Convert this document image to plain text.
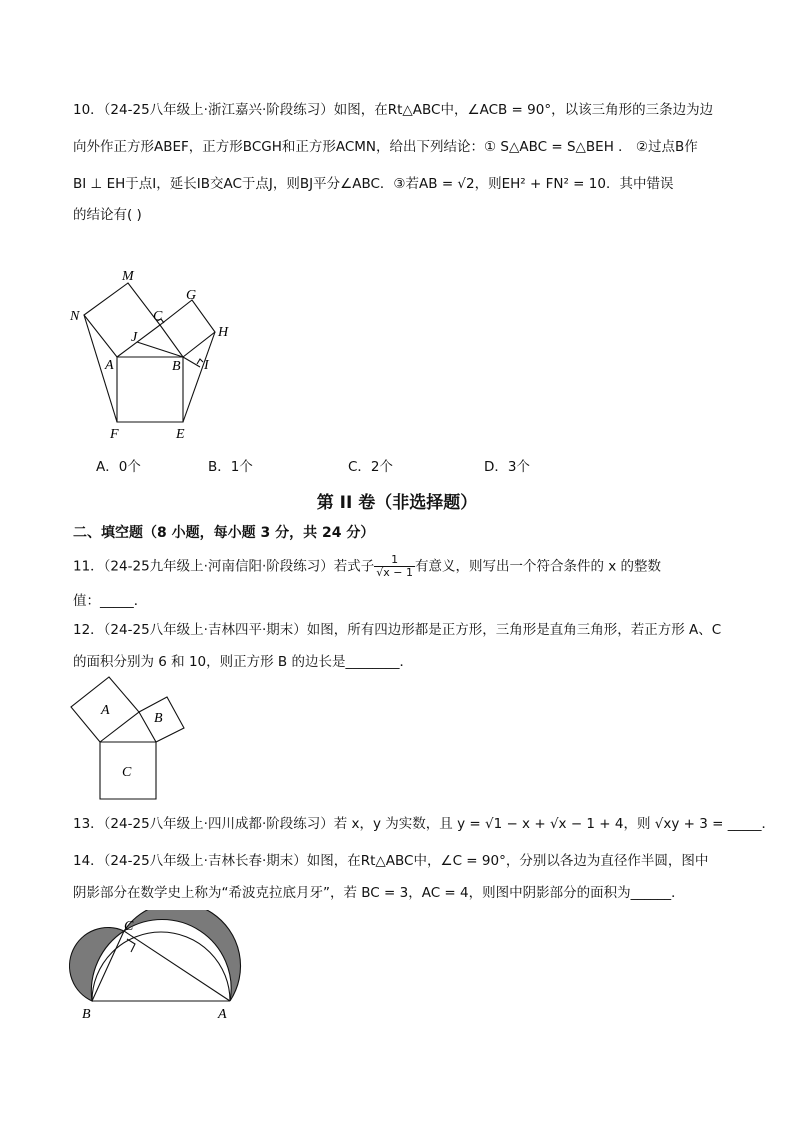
10．（24-25八年级上·浙江嘉兴·阶段练习）如图，在Rt△ABC中，∠ACB = 90°，以该三角形的三条边为边
向外作正方形ABEF，正方形BCGH和正方形ACMN，给出下列结论：① S△ABC = S△BEH ． ②过点B作
BI ⊥ EH于点I，延长IB交AC于点J，则BJ平分∠ABC．③若AB = √2，则EH² + FN² = 10．其中错误
的结论有( )
M
G
N	C
H
J
A	B I
F	E
A．0个	B．1个	C．2个	D．3个
第 II 卷（非选择题）
二、填空题（8 小题，每小题 3 分，共 24 分）
11．（24-25九年级上·河南信阳·阶段练习）若式子 $\frac{1}{√x - 1}$ 有意义，则写出一个符合条件的 x 的整数
值：_____．
12．（24-25八年级上·吉林四平·期末）如图，所有四边形都是正方形，三角形是直角三角形，若正方形 A、C
的面积分别为 6 和 10，则正方形 B 的边长是________．
A
B
C
13．（24-25八年级上·四川成都·阶段练习）若 x，y 为实数，且 y = √1 − x + √x − 1 + 4，则 √xy + 3 = _____．
14．（24-25八年级上·吉林长春·期末）如图，在Rt△ABC中，∠C = 90°，分别以各边为直径作半圆，图中
阴影部分在数学史上称为“希波克拉底月牙”，若 BC = 3，AC = 4，则图中阴影部分的面积为______．
C
B	A
